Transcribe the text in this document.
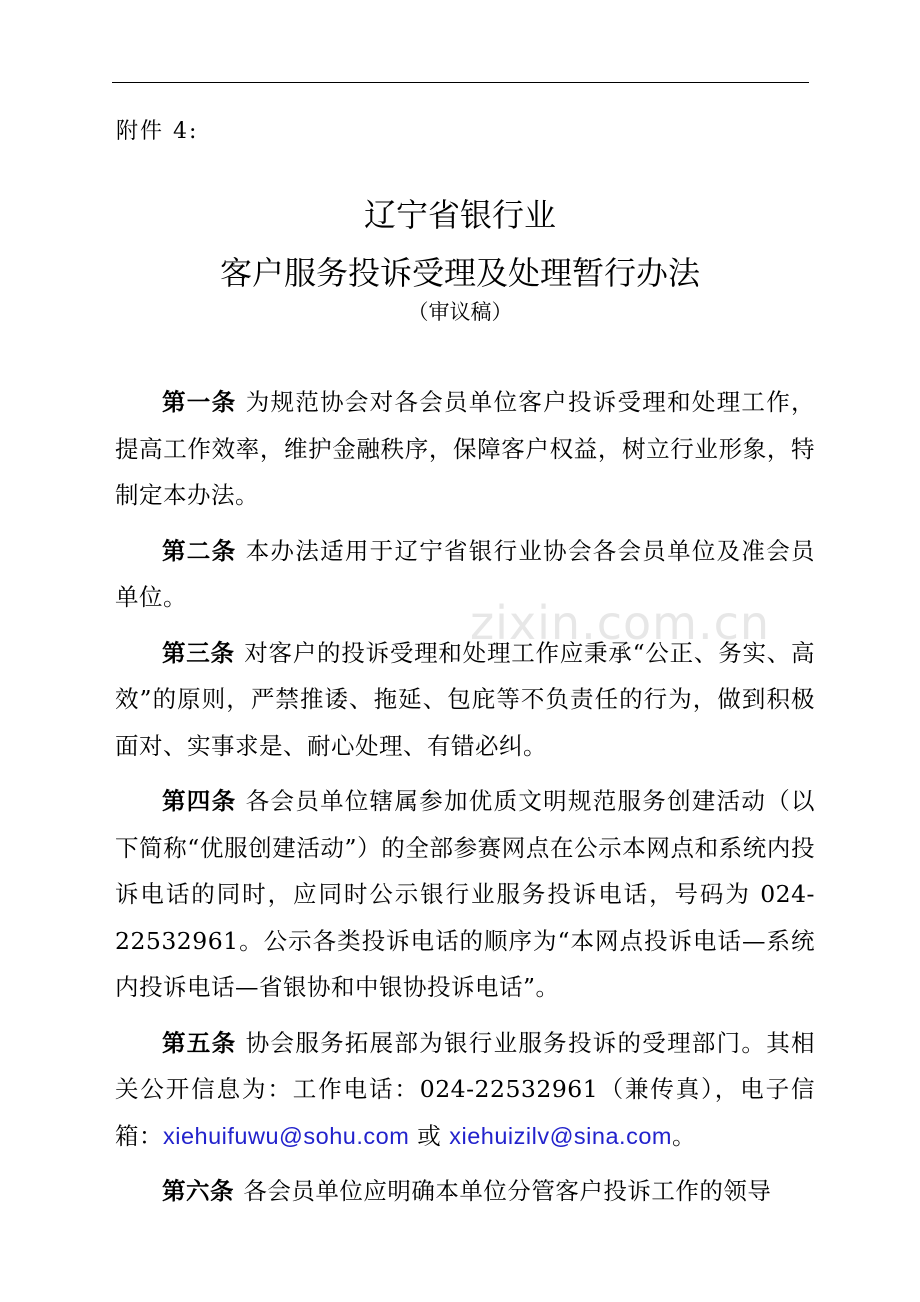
附件 4:
辽宁省银行业
客户服务投诉受理及处理暂行办法
（审议稿）
zixin.com.cn

第一条 为规范协会对各会员单位客户投诉受理和处理工作，提高工作效率，维护金融秩序，保障客户权益，树立行业形象，特制定本办法。

第二条 本办法适用于辽宁省银行业协会各会员单位及准会员单位。

第三条 对客户的投诉受理和处理工作应秉承“公正、务实、高效”的原则，严禁推诿、拖延、包庇等不负责任的行为，做到积极面对、实事求是、耐心处理、有错必纠。

第四条 各会员单位辖属参加优质文明规范服务创建活动（以下简称“优服创建活动”）的全部参赛网点在公示本网点和系统内投诉电话的同时，应同时公示银行业服务投诉电话，号码为 024-22532961。公示各类投诉电话的顺序为“本网点投诉电话—系统内投诉电话—省银协和中银协投诉电话”。

第五条 协会服务拓展部为银行业服务投诉的受理部门。其相关公开信息为：工作电话：024-22532961（兼传真），电子信箱：xiehuifuwu@sohu.com 或 xiehuizilv@sina.com。

第六条 各会员单位应明确本单位分管客户投诉工作的领导
